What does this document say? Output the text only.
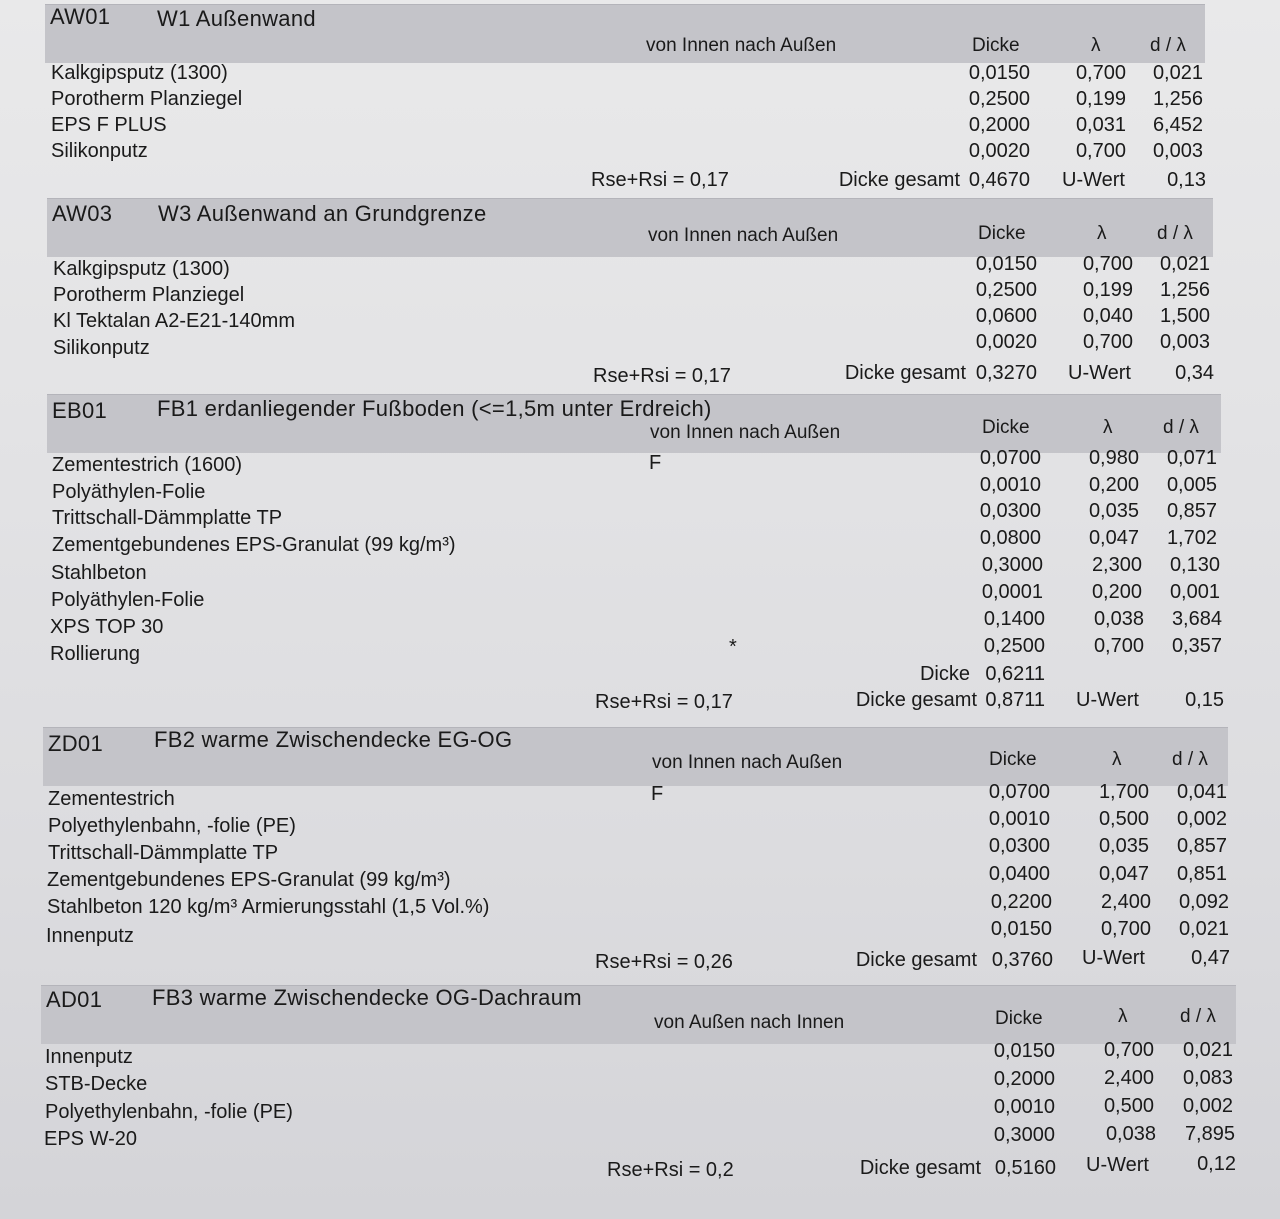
AW01 W1 Außenwand
von Innen nach Außen	Dicke	λ	d / λ
Kalkgipsputz (1300)	0,0150	0,700	0,021
Porotherm Planziegel	0,2500	0,199	1,256
EPS F PLUS	0,2000	0,031	6,452
Silikonputz	0,0020	0,700	0,003
Rse+Rsi = 0,17	Dicke gesamt 0,4670 U-Wert	0,13
AW03 W3 Außenwand an Grundgrenze
von Innen nach Außen	Dicke	λ	d / λ
Kalkgipsputz (1300)	0,0150	0,700	0,021
Porotherm Planziegel	0,2500	0,199	1,256
Kl Tektalan A2-E21-140mm	0,0600	0,040	1,500
Silikonputz	0,0020	0,700	0,003
Rse+Rsi = 0,17	Dicke gesamt 0,3270 U-Wert	0,34
EB01 FB1 erdanliegender Fußboden (<=1,5m unter Erdreich)
von Innen nach Außen	Dicke	λ	d / λ
Zementestrich (1600)	F	0,0700	0,980	0,071
Polyäthylen-Folie	0,0010	0,200	0,005
Trittschall-Dämmplatte TP	0,0300	0,035	0,857
Zementgebundenes EPS-Granulat (99 kg/m³)	0,0800	0,047	1,702
Stahlbeton	0,3000	2,300	0,130
Polyäthylen-Folie	0,0001	0,200	0,001
XPS TOP 30	0,1400	0,038	3,684
Rollierung	*	0,2500	0,700	0,357
Dicke 0,6211
Rse+Rsi = 0,17	Dicke gesamt 0,8711 U-Wert	0,15
ZD01 FB2 warme Zwischendecke EG-OG
von Innen nach Außen	Dicke	λ	d / λ
Zementestrich	F	0,0700	1,700	0,041
Polyethylenbahn, -folie (PE)	0,0010	0,500	0,002
Trittschall-Dämmplatte TP	0,0300	0,035	0,857
Zementgebundenes EPS-Granulat (99 kg/m³)	0,0400	0,047	0,851
Stahlbeton 120 kg/m³ Armierungsstahl (1,5 Vol.%)	0,2200	2,400	0,092
Innenputz	0,0150	0,700	0,021
Rse+Rsi = 0,26	Dicke gesamt 0,3760 U-Wert	0,47
AD01 FB3 warme Zwischendecke OG-Dachraum
von Außen nach Innen	Dicke	λ	d / λ
Innenputz	0,0150	0,700	0,021
STB-Decke	0,2000	2,400	0,083
Polyethylenbahn, -folie (PE)	0,0010	0,500	0,002
EPS W-20	0,3000	0,038	7,895
Rse+Rsi = 0,2	Dicke gesamt 0,5160 U-Wert	0,12
